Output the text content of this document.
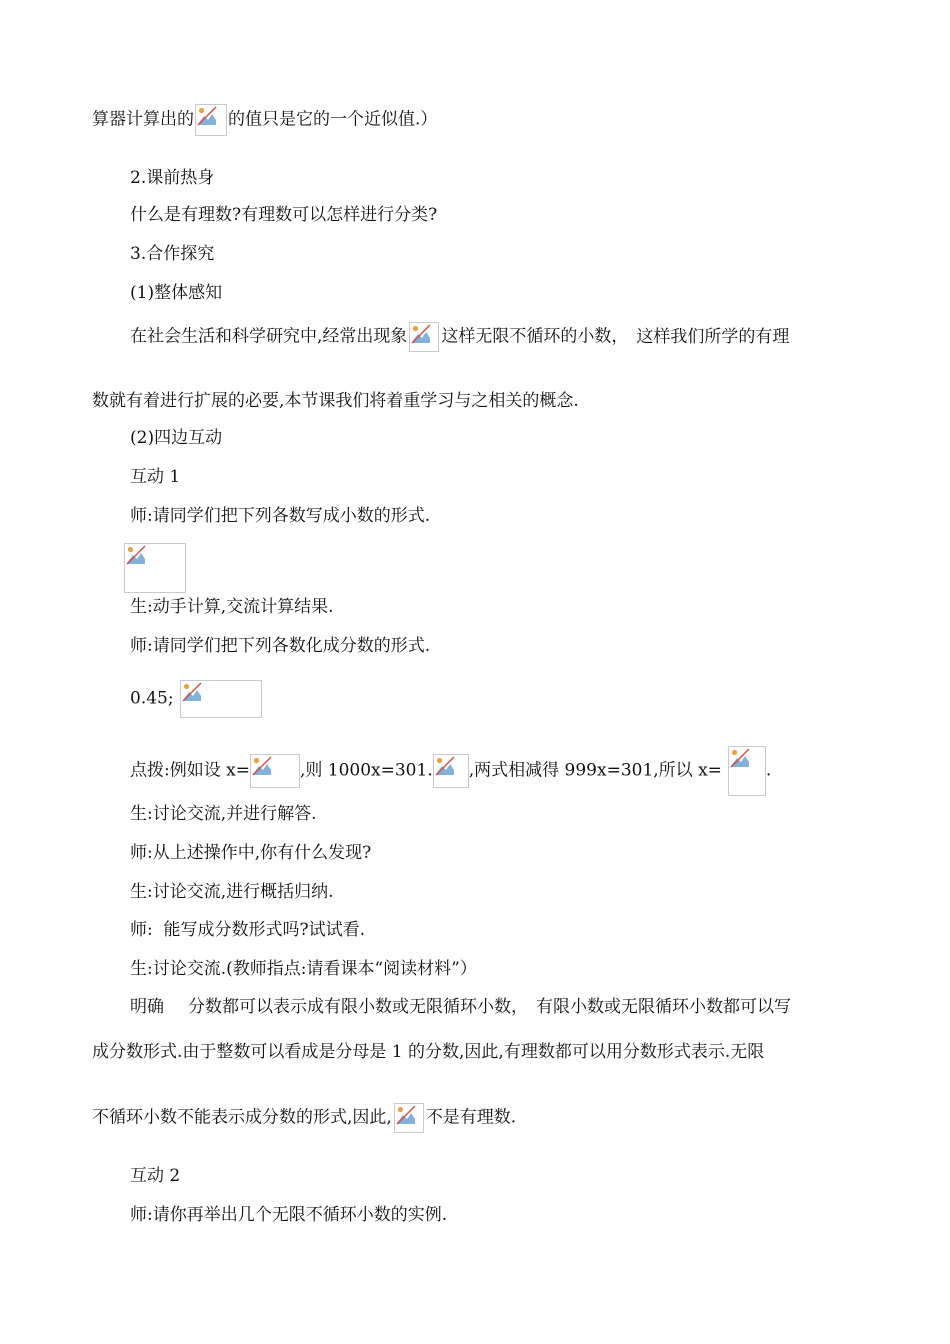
算器计算出的 的值只是它的一个近似值.）
2.课前热身
什么是有理数?有理数可以怎样进行分类?
3.合作探究
(1)整体感知
在社会生活和科学研究中,经常出现象 这样无限不循环的小数， 这样我们所学的有理
数就有着进行扩展的必要,本节课我们将着重学习与之相关的概念.
(2)四边互动
互动 1
师:请同学们把下列各数写成小数的形式.
生:动手计算,交流计算结果.
师:请同学们把下列各数化成分数的形式.
0.45;
点拨:例如设 x=	,则 1000x=301. ,两式相减得 999x=301,所以 x=	.
生:讨论交流,并进行解答.
师:从上述操作中,你有什么发现?
生:讨论交流,进行概括归纳.
师:  能写成分数形式吗?试试看.
生:讨论交流.(教师指点:请看课本“阅读材料”）
明确 分数都可以表示成有限小数或无限循环小数， 有限小数或无限循环小数都可以写
成分数形式.由于整数可以看成是分母是 1 的分数,因此,有理数都可以用分数形式表示.无限
不循环小数不能表示成分数的形式,因此, 不是有理数.
互动 2
师:请你再举出几个无限不循环小数的实例.
